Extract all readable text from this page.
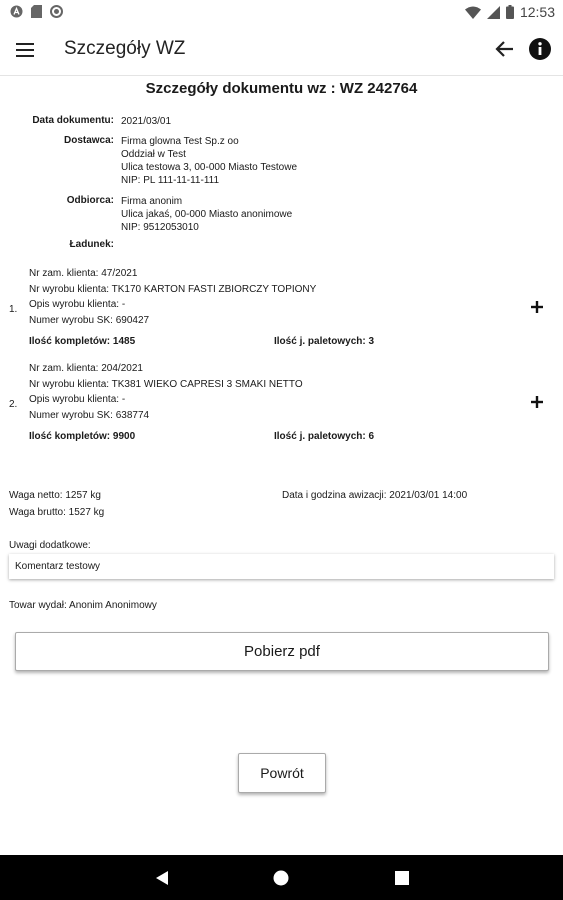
12:53
Szczegóły WZ
Szczegóły dokumentu wz : WZ 242764
Data dokumentu: 2021/03/01
Dostawca: Firma glowna Test Sp.z oo
Oddział w Test
Ulica testowa 3, 00-000 Miasto Testowe
NIP: PL 111-11-11-111
Odbiorca: Firma anonim
Ulica jakaś, 00-000 Miasto anonimowe
NIP: 9512053010
Ładunek:
1.
Nr zam. klienta: 47/2021
Nr wyrobu klienta: TK170 KARTON FASTI ZBIORCZY TOPIONY
Opis wyrobu klienta: -
Numer wyrobu SK: 690427
Ilość kompletów: 1485	Ilość j. paletowych: 3
2.
Nr zam. klienta: 204/2021
Nr wyrobu klienta: TK381 WIEKO CAPRESI 3 SMAKI NETTO
Opis wyrobu klienta: -
Numer wyrobu SK: 638774
Ilość kompletów: 9900	Ilość j. paletowych: 6
Waga netto: 1257 kg
Waga brutto: 1527 kg
Data i godzina awizacji: 2021/03/01 14:00
Uwagi dodatkowe:
Komentarz testowy
Towar wydał: Anonim Anonimowy
Pobierz pdf
Powrót
